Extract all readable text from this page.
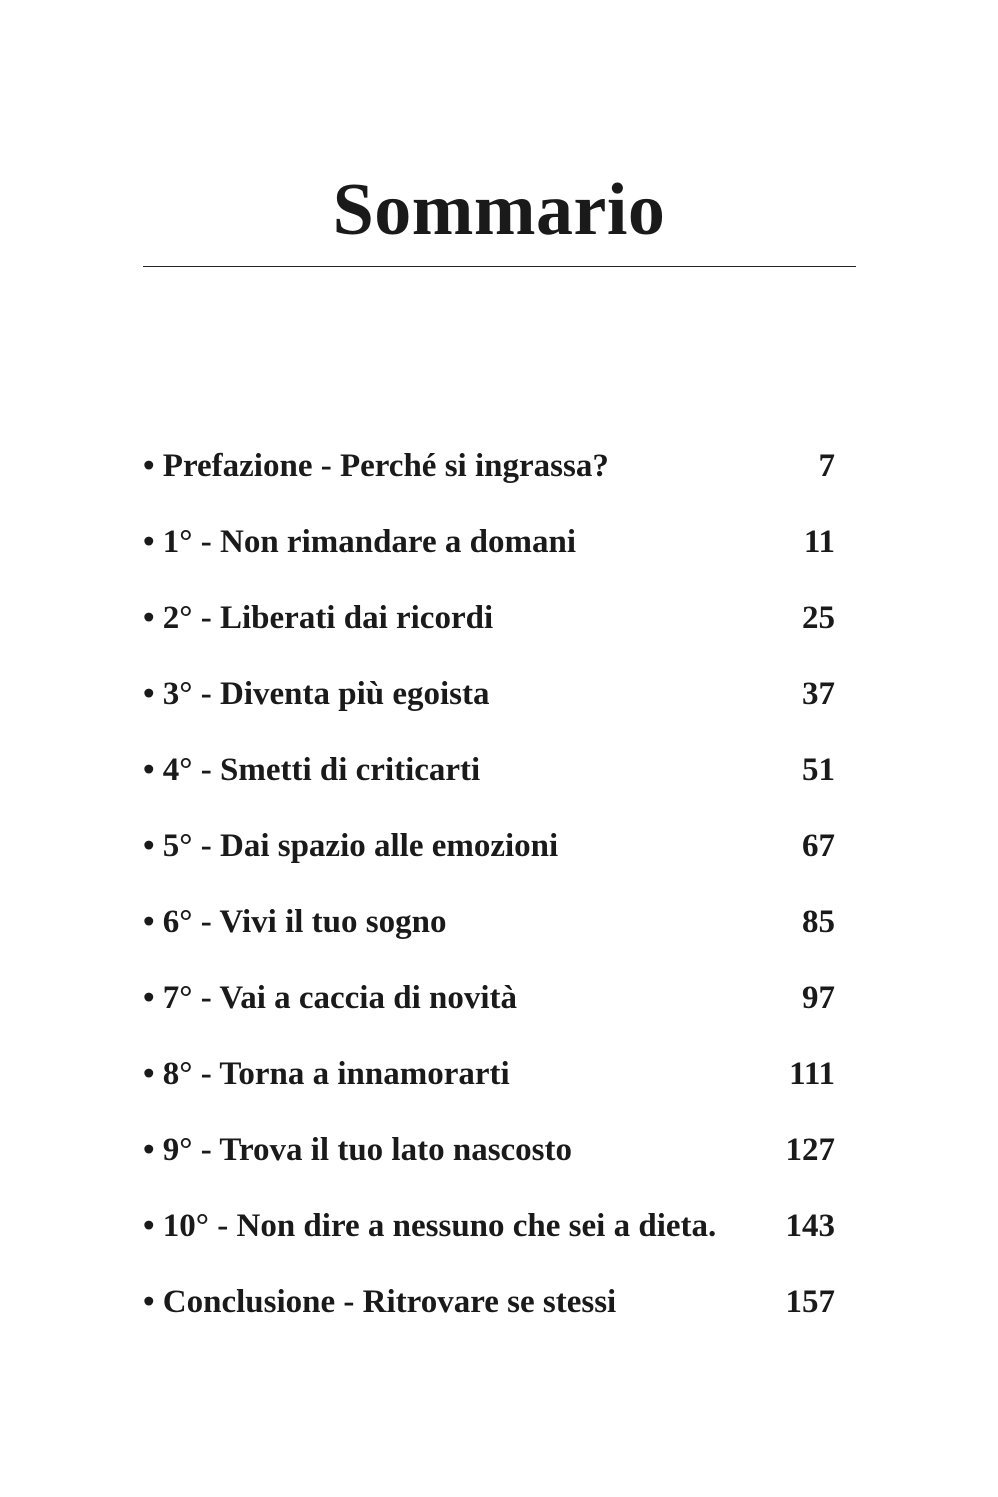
Sommario
• Prefazione - Perché si ingrassa?	7
• 1° - Non rimandare a domani	11
• 2° - Liberati dai ricordi	25
• 3° - Diventa più egoista	37
• 4° - Smetti di criticarti	51
• 5° - Dai spazio alle emozioni	67
• 6° - Vivi il tuo sogno	85
• 7° - Vai a caccia di novità	97
• 8° - Torna a innamorarti	111
• 9° - Trova il tuo lato nascosto	127
• 10° - Non dire a nessuno che sei a dieta.	143
• Conclusione - Ritrovare se stessi	157
